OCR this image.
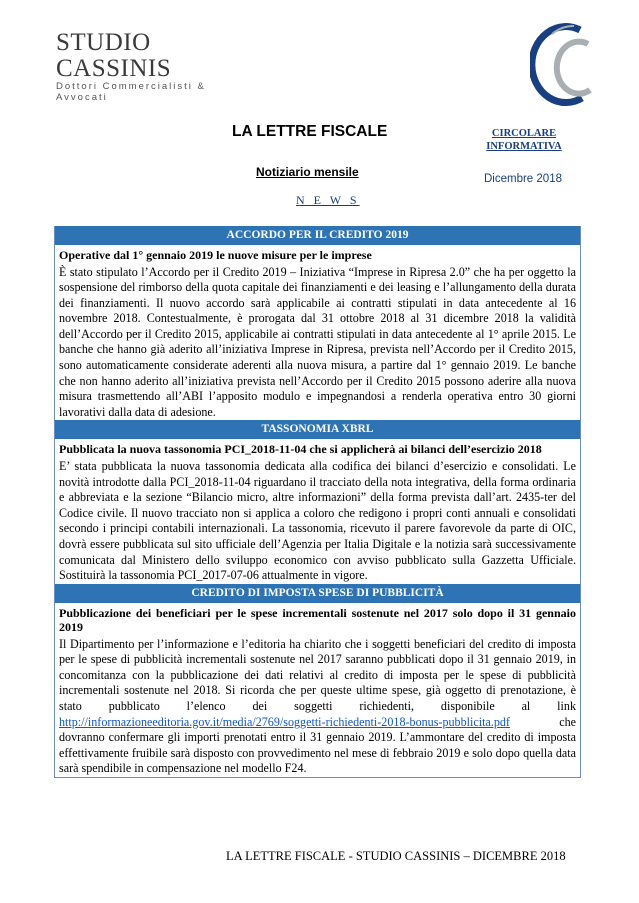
STUDIO CASSINIS
Dottori Commercialisti & Avvocati
LA LETTRE FISCALE
Notiziario mensile
N E W S
CIRCOLARE INFORMATIVA
Dicembre 2018
ACCORDO PER IL CREDITO 2019
Operative dal 1° gennaio 2019 le nuove misure per le imprese

È stato stipulato l’Accordo per il Credito 2019 – Iniziativa “Imprese in Ripresa 2.0” che ha per oggetto la sospensione del rimborso della quota capitale dei finanziamenti e dei leasing e l’allungamento della durata dei finanziamenti. Il nuovo accordo sarà applicabile ai contratti stipulati in data antecedente al 16 novembre 2018. Contestualmente, è prorogata dal 31 ottobre 2018 al 31 dicembre 2018 la validità dell’Accordo per il Credito 2015, applicabile ai contratti stipulati in data antecedente al 1° aprile 2015. Le banche che hanno già aderito all’iniziativa Imprese in Ripresa, prevista nell’Accordo per il Credito 2015, sono automaticamente considerate aderenti alla nuova misura, a partire dal 1° gennaio 2019. Le banche che non hanno aderito all’iniziativa prevista nell’Accordo per il Credito 2015 possono aderire alla nuova misura trasmettendo all’ABI l’apposito modulo e impegnandosi a renderla operativa entro 30 giorni lavorativi dalla data di adesione.

TASSONOMIA XBRL
Pubblicata la nuova tassonomia PCI_2018-11-04 che si applicherà ai bilanci dell’esercizio 2018

E’ stata pubblicata la nuova tassonomia dedicata alla codifica dei bilanci d’esercizio e consolidati. Le novità introdotte dalla PCI_2018-11-04 riguardano il tracciato della nota integrativa, della forma ordinaria e abbreviata e la sezione “Bilancio micro, altre informazioni” della forma prevista dall’art. 2435-ter del Codice civile. Il nuovo tracciato non si applica a coloro che redigono i propri conti annuali e consolidati secondo i principi contabili internazionali. La tassonomia, ricevuto il parere favorevole da parte di OIC, dovrà essere pubblicata sul sito ufficiale dell’Agenzia per Italia Digitale e la notizia sarà successivamente comunicata dal Ministero dello sviluppo economico con avviso pubblicato sulla Gazzetta Ufficiale. Sostituirà la tassonomia PCI_2017-07-06 attualmente in vigore.

CREDITO DI IMPOSTA SPESE DI PUBBLICITÀ
Pubblicazione dei beneficiari per le spese incrementali sostenute nel 2017 solo dopo il 31 gennaio 2019

Il Dipartimento per l’informazione e l’editoria ha chiarito che i soggetti beneficiari del credito di imposta per le spese di pubblicità incrementali sostenute nel 2017 saranno pubblicati dopo il 31 gennaio 2019, in concomitanza con la pubblicazione dei dati relativi al credito di imposta per le spese di pubblicità incrementali sostenute nel 2018. Si ricorda che per queste ultime spese, già oggetto di prenotazione, è stato pubblicato l’elenco dei soggetti richiedenti, disponibile al link http://informazioneeditoria.gov.it/media/2769/soggetti-richiedenti-2018-bonus-pubblicita.pdf che dovranno confermare gli importi prenotati entro il 31 gennaio 2019. L’ammontare del credito di imposta effettivamente fruibile sarà disposto con provvedimento nel mese di febbraio 2019 e solo dopo quella data sarà spendibile in compensazione nel modello F24.

LA LETTRE FISCALE - STUDIO CASSINIS – DICEMBRE 2018
